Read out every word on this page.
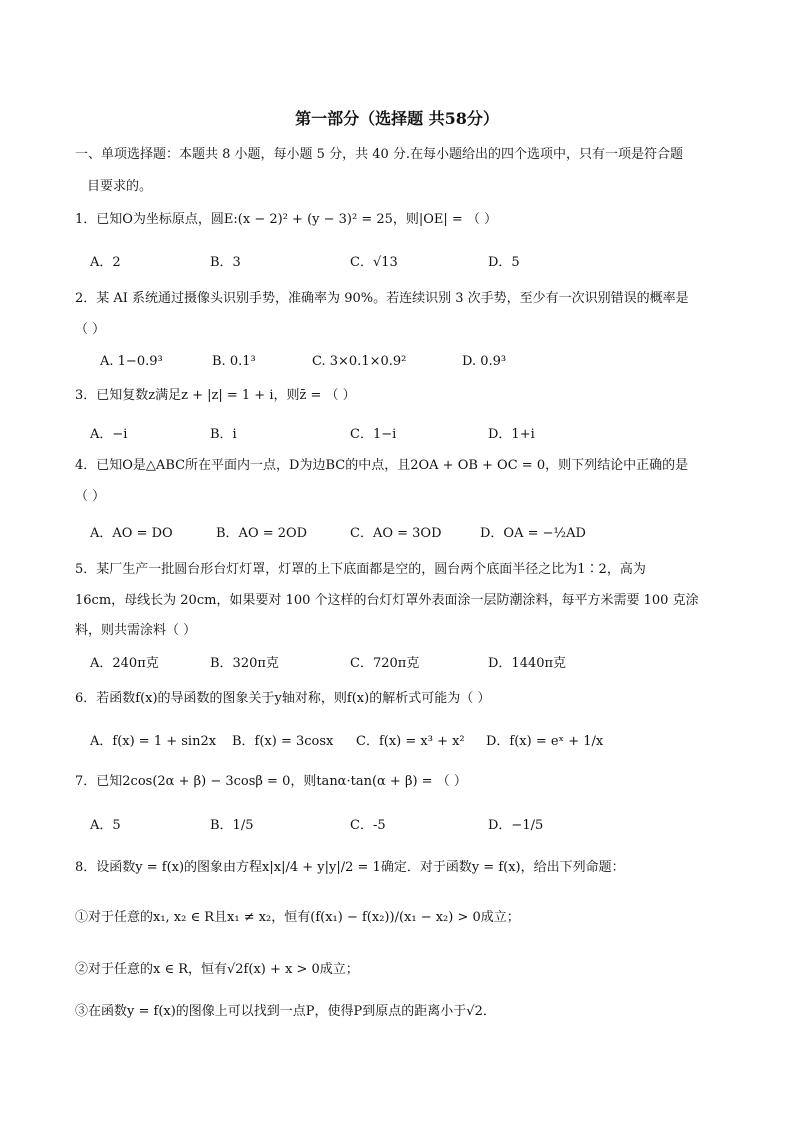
第一部分（选择题 共58分）
一、单项选择题：本题共 8 小题，每小题 5 分，共 40 分.在每小题给出的四个选项中，只有一项是符合题
目要求的。
1．已知O为坐标原点，圆E:(x − 2)² + (y − 3)² = 25，则|OE| = （ ）
A．2	B．3	C．√13	D．5
2．某 AI 系统通过摄像头识别手势，准确率为 90%。若连续识别 3 次手势，至少有一次识别错误的概率是
（ ）
A. 1−0.9³	B. 0.1³	C. 3×0.1×0.9²	D. 0.9³
3．已知复数z满足z + |z| = 1 + i，则z̄ = （ ）
A．−i	B．i	C．1−i	D．1+i
4．已知O是△ABC所在平面内一点，D为边BC的中点，且2OA + OB + OC = 0，则下列结论中正确的是
（ ）
A．AO = DO	B．AO = 2OD	C．AO = 3OD	D．OA = −½AD
5．某厂生产一批圆台形台灯灯罩，灯罩的上下底面都是空的，圆台两个底面半径之比为1∶2，高为
16cm，母线长为 20cm，如果要对 100 个这样的台灯灯罩外表面涂一层防潮涂料，每平方米需要 100 克涂
料，则共需涂料（ ）
A．240π克	B．320π克	C．720π克	D．1440π克
6．若函数f(x)的导函数的图象关于y轴对称，则f(x)的解析式可能为（ ）
A．f(x) = 1 + sin2x B．f(x) = 3cosx C．f(x) = x³ + x² D．f(x) = eˣ + 1/x
7．已知2cos(2α + β) − 3cosβ = 0，则tanα·tan(α + β) = （ ）
A．5	B．1/5	C．-5	D．−1/5
8．设函数y = f(x)的图象由方程x|x|/4 + y|y|/2 = 1确定．对于函数y = f(x)，给出下列命题：
①对于任意的x₁, x₂ ∈ R且x₁ ≠ x₂，恒有(f(x₁) − f(x₂))/(x₁ − x₂) > 0成立；
②对于任意的x ∈ R，恒有√2f(x) + x > 0成立；
③在函数y = f(x)的图像上可以找到一点P，使得P到原点的距离小于√2．
